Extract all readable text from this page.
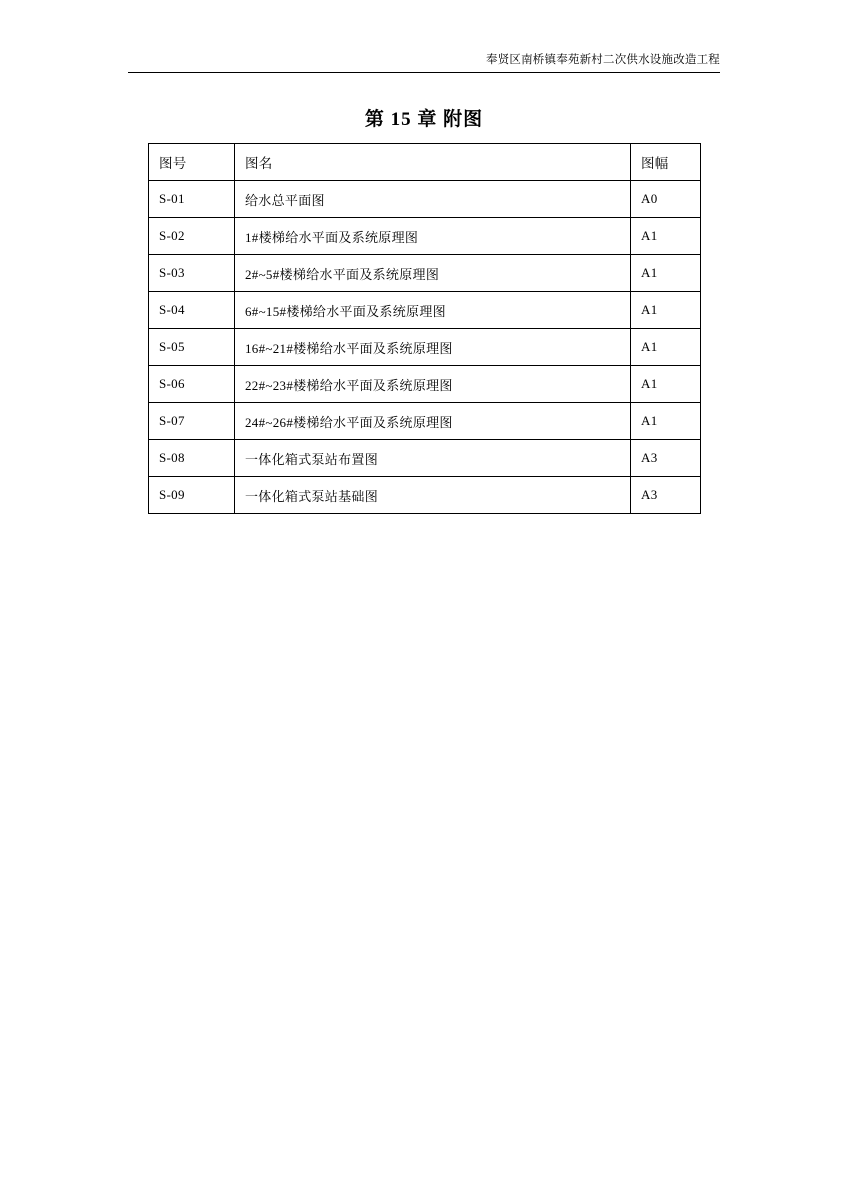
奉贤区南桥镇奉苑新村二次供水设施改造工程
第 15 章 附图
图号	图名	图幅
S-01	给水总平面图	A0
S-02	1#楼梯给水平面及系统原理图	A1
S-03	2#~5#楼梯给水平面及系统原理图	A1
S-04	6#~15#楼梯给水平面及系统原理图	A1
S-05	16#~21#楼梯给水平面及系统原理图	A1
S-06	22#~23#楼梯给水平面及系统原理图	A1
S-07	24#~26#楼梯给水平面及系统原理图	A1
S-08	一体化箱式泵站布置图	A3
S-09	一体化箱式泵站基础图	A3
